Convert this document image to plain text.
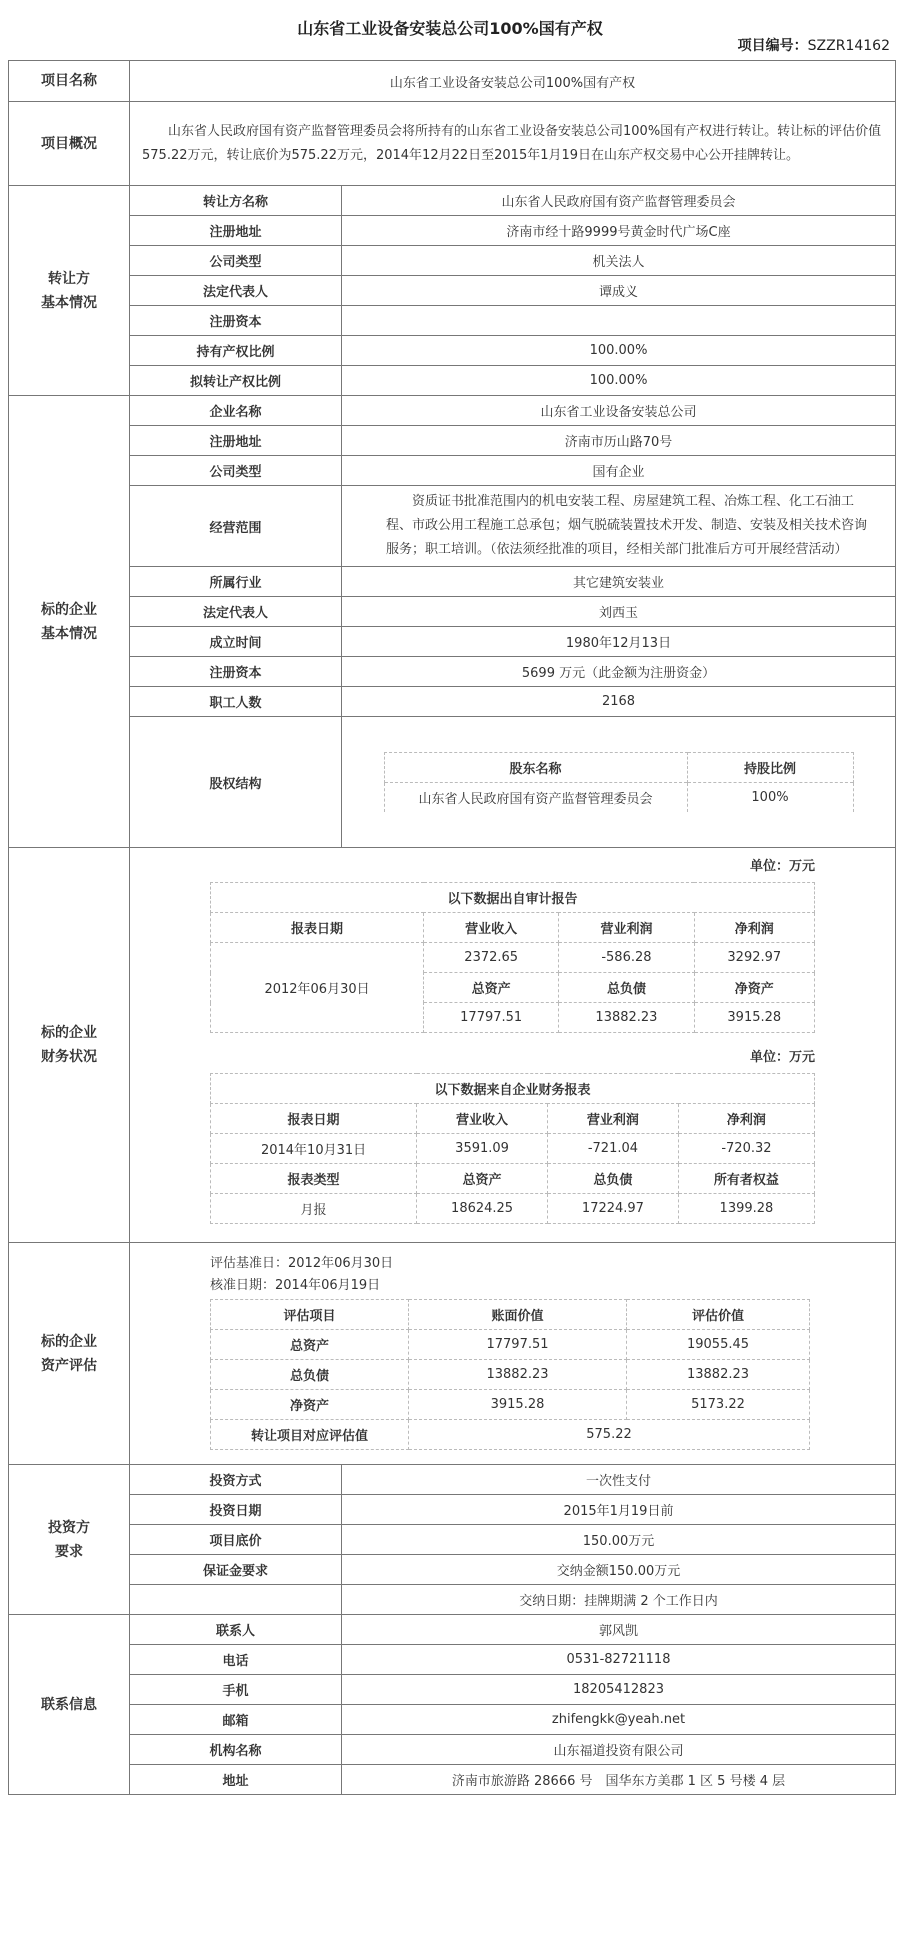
山东省工业设备安装总公司100%国有产权
项目编号：SZZR14162
项目名称	山东省工业设备安装总公司100%国有产权
项目概况	山东省人民政府国有资产监督管理委员会将所持有的山东省工业设备安装总公司100%国有产权进行转让。转让标的评估价值575.22万元，转让底价为575.22万元，2014年12月22日至2015年1月19日在山东产权交易中心公开挂牌转让。

转让方
基本情况

转让方名称	山东省人民政府国有资产监督管理委员会
注册地址	济南市经十路9999号黄金时代广场C座
公司类型	机关法人
法定代表人	谭成义
注册资本	
持有产权比例	100.00%
拟转让产权比例	100.00%

标的企业
基本情况

企业名称	山东省工业设备安装总公司
注册地址	济南市历山路70号
公司类型	国有企业
经营范围	资质证书批准范围内的机电安装工程、房屋建筑工程、冶炼工程、化工石油工程、市政公用工程施工总承包；烟气脱硫装置技术开发、制造、安装及相关技术咨询服务；职工培训。（依法须经批准的项目，经相关部门批准后方可开展经营活动）
所属行业	其它建筑安装业
法定代表人	刘西玉
成立时间	1980年12月13日
注册资本	5699 万元（此金额为注册资金）
职工人数	2168
股权结构	
股东名称	持股比例
山东省人民政府国有资产监督管理委员会	100%

标的企业
财务状况

单位：万元
以下数据出自审计报告
报表日期	营业收入	营业利润	净利润
2012年06月30日	2372.65	-586.28	3292.97
总资产	总负债	净资产
17797.51	13882.23	3915.28
单位：万元
以下数据来自企业财务报表
报表日期	营业收入	营业利润	净利润
2014年10月31日	3591.09	-721.04	-720.32
报表类型	总资产	总负债	所有者权益
月报	18624.25	17224.97	1399.28

标的企业
资产评估

评估基准日：2012年06月30日
核准日期：2014年06月19日
评估项目	账面价值	评估价值
总资产	17797.51	19055.45
总负债	13882.23	13882.23
净资产	3915.28	5173.22
转让项目对应评估值	575.22

投资方
要求

投资方式	一次性支付
投资日期	2015年1月19日前
项目底价	150.00万元
保证金要求	交纳金额150.00万元
	交纳日期：挂牌期满 2 个工作日内

联系信息	
联系人	郭风凯
电话	0531-82721118
手机	18205412823
邮箱	zhifengkk@yeah.net
机构名称	山东福道投资有限公司
地址	济南市旅游路 28666 号　国华东方美郡 1 区 5 号楼 4 层
